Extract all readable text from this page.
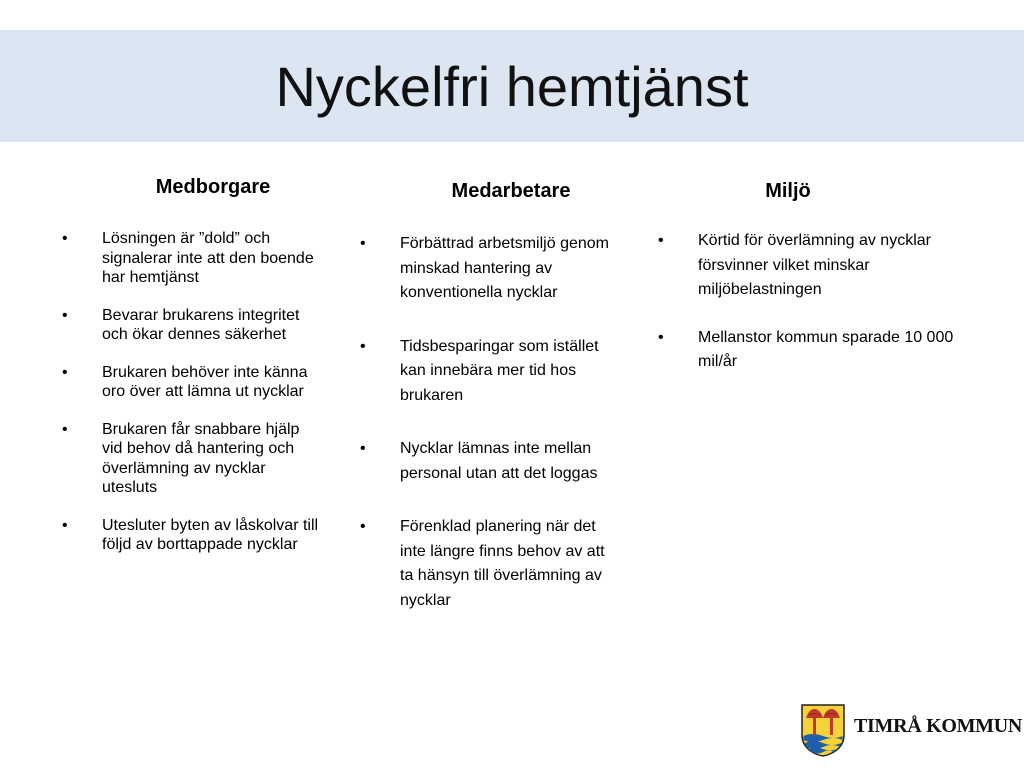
Nyckelfri hemtjänst
Medborgare
• Lösningen är ”dold” och signalerar inte att den boende har hemtjänst
• Bevarar brukarens integritet och ökar dennes säkerhet
• Brukaren behöver inte känna oro över att lämna ut nycklar
• Brukaren får snabbare hjälp vid behov då hantering och överlämning av nycklar utesluts
• Utesluter byten av låskolvar till följd av borttappade nycklar
Medarbetare
• Förbättrad arbetsmiljö genom minskad hantering av konventionella nycklar
• Tidsbesparingar som istället kan innebära mer tid hos brukaren
• Nycklar lämnas inte mellan personal utan att det loggas
• Förenklad planering när det inte längre finns behov av att ta hänsyn till överlämning av nycklar
Miljö
• Körtid för överlämning av nycklar försvinner vilket minskar miljöbelastningen
• Mellanstor kommun sparade 10 000 mil/år
TIMRÅ KOMMUN
